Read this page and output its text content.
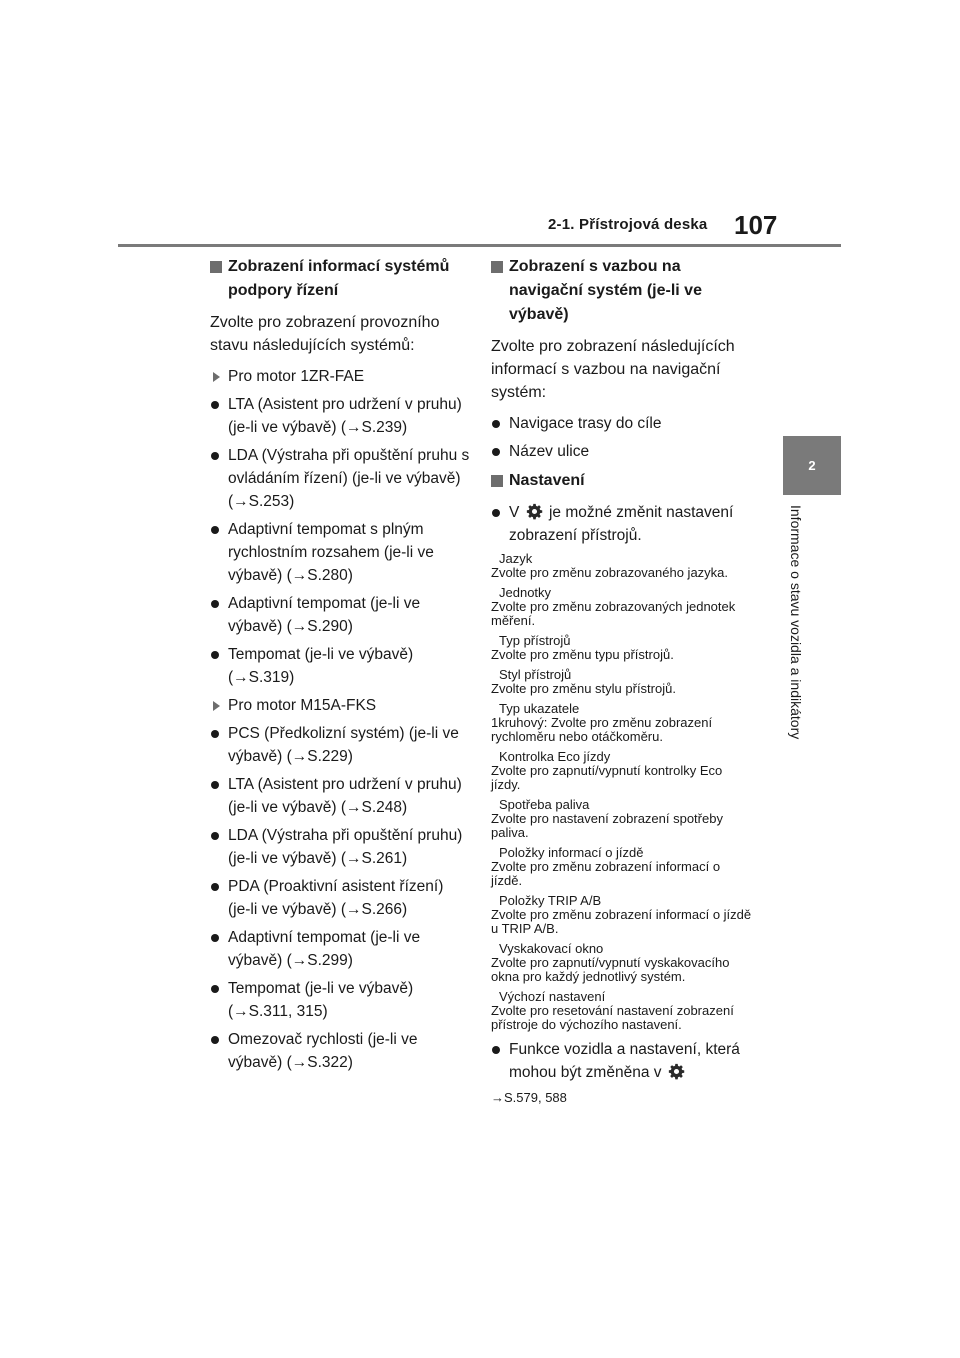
2-1. Přístrojová deska 107
2
Informace o stavu vozidla a indikátory
Zobrazení informací systémů podpory řízení
Zvolte pro zobrazení provozního stavu následujících systémů:
Pro motor 1ZR-FAE
LTA (Asistent pro udržení v pruhu) (je-li ve výbavě) (→S.239)
LDA (Výstraha při opuštění pruhu s ovládáním řízení) (je-li ve výbavě) (→S.253)
Adaptivní tempomat s plným rychlostním rozsahem (je-li ve výbavě) (→S.280)
Adaptivní tempomat (je-li ve výbavě) (→S.290)
Tempomat (je-li ve výbavě) (→S.319)
Pro motor M15A-FKS
PCS (Předkolizní systém) (je-li ve výbavě) (→S.229)
LTA (Asistent pro udržení v pruhu) (je-li ve výbavě) (→S.248)
LDA (Výstraha při opuštění pruhu) (je-li ve výbavě) (→S.261)
PDA (Proaktivní asistent řízení) (je-li ve výbavě) (→S.266)
Adaptivní tempomat (je-li ve výbavě) (→S.299)
Tempomat (je-li ve výbavě) (→S.311, 315)
Omezovač rychlosti (je-li ve výbavě) (→S.322)
Zobrazení s vazbou na navigační systém (je-li ve výbavě)
Zvolte pro zobrazení následujících informací s vazbou na navigační systém:
Navigace trasy do cíle
Název ulice
Nastavení
V je možné změnit nastavení zobrazení přístrojů.
Jazyk
Zvolte pro změnu zobrazovaného jazyka.
Jednotky
Zvolte pro změnu zobrazovaných jednotek měření.
Typ přístrojů
Zvolte pro změnu typu přístrojů.
Styl přístrojů
Zvolte pro změnu stylu přístrojů.
Typ ukazatele
1kruhový: Zvolte pro změnu zobrazení rychloměru nebo otáčkoměru.
Kontrolka Eco jízdy
Zvolte pro zapnutí/vypnutí kontrolky Eco jízdy.
Spotřeba paliva
Zvolte pro nastavení zobrazení spotřeby paliva.
Položky informací o jízdě
Zvolte pro změnu zobrazení informací o jízdě.
Položky TRIP A/B
Zvolte pro změnu zobrazení informací o jízdě u TRIP A/B.
Vyskakovací okno
Zvolte pro zapnutí/vypnutí vyskakovacího okna pro každý jednotlivý systém.
Výchozí nastavení
Zvolte pro resetování nastavení zobrazení přístroje do výchozího nastavení.
Funkce vozidla a nastavení, která mohou být změněna v
→S.579, 588
